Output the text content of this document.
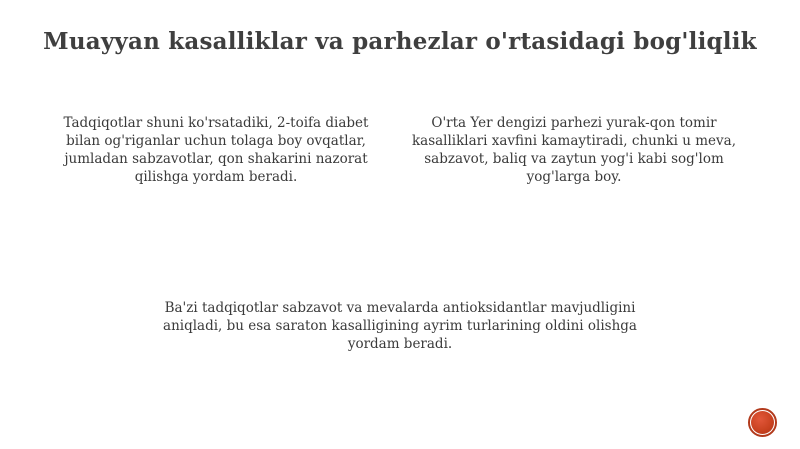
Muayyan kasalliklar va parhezlar o'rtasidagi bog'liqlik
Tadqiqotlar shuni ko'rsatadiki, 2-toifa diabet bilan og'riganlar uchun tolaga boy ovqatlar, jumladan sabzavotlar, qon shakarini nazorat qilishga yordam beradi.
O'rta Yer dengizi parhezi yurak-qon tomir kasalliklari xavfini kamaytiradi, chunki u meva, sabzavot, baliq va zaytun yog'i kabi sog'lom yog'larga boy.
Ba'zi tadqiqotlar sabzavot va mevalarda antioksidantlar mavjudligini aniqladi, bu esa saraton kasalligining ayrim turlarining oldini olishga yordam beradi.
